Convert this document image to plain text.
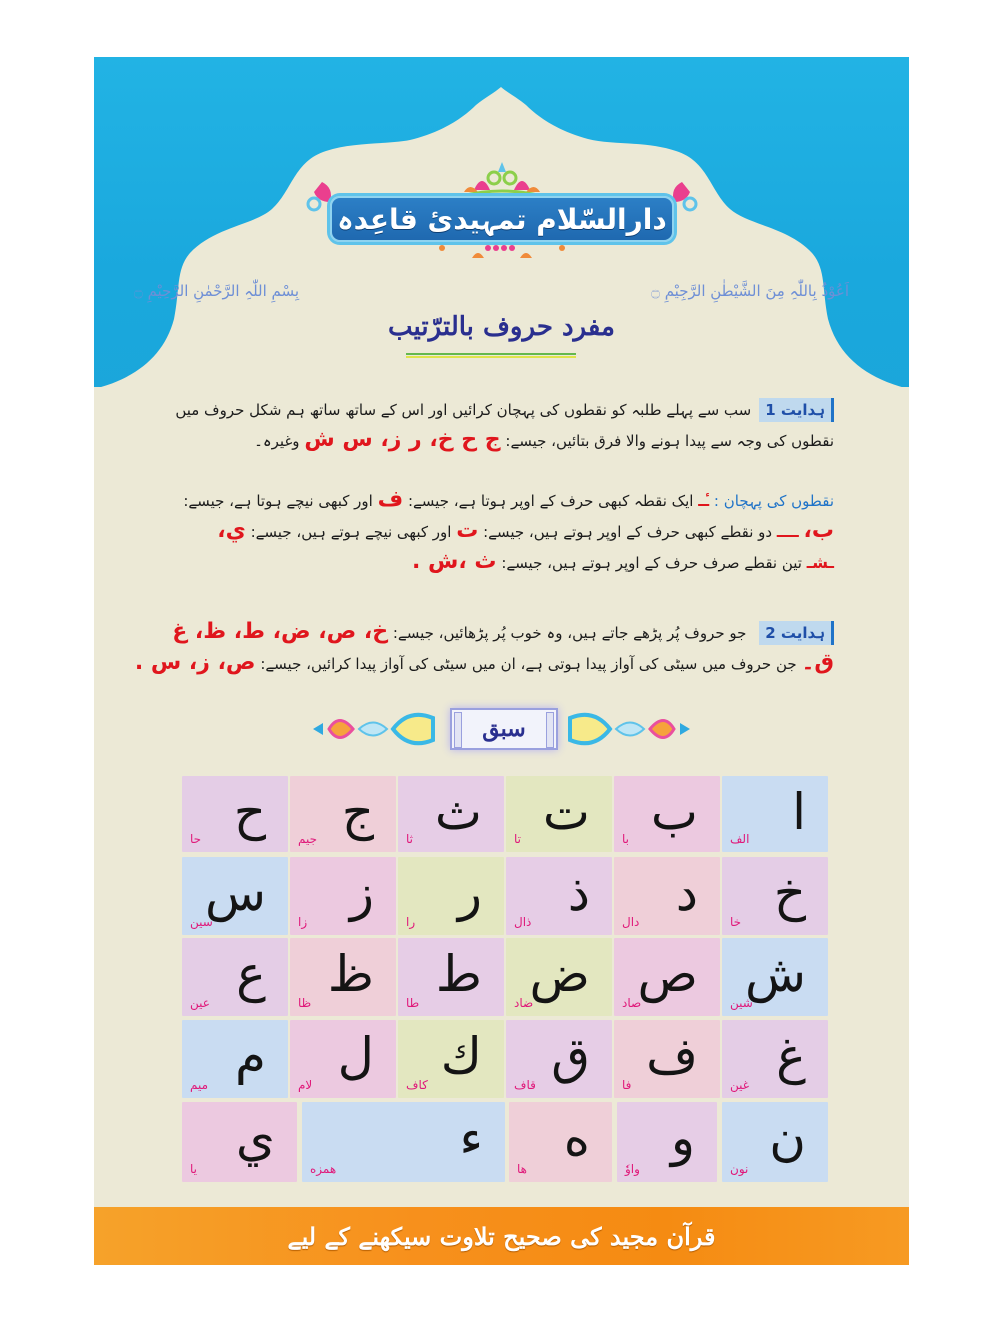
دارالسّلام تمہیدیٔ قاعِدہ
اَعُوْذُ بِاللّٰہِ مِنَ الشَّیْطٰنِ الرَّجِیْمِ ۝
بِسْمِ اللّٰہِ الرَّحْمٰنِ الرَّحِیْمِ ۝
مفرد حروف بالترّتیب
ہدایت 1سب سے پہلے طلبہ کو نقطوں کی پہچان کرائیں اور اس کے ساتھ ساتھ ہم شکل حروف میں
نقطوں کی وجہ سے پیدا ہونے والا فرق بتائیں، جیسے: ج ح خ، ر ز، س ش وغیرہ۔
نقطوں کی پہچان : ـٔـ ایک نقطہ کبھی حرف کے اوپر ہوتا ہے، جیسے: ف اور کبھی نیچے ہوتا ہے، جیسے:
ب، ــــ دو نقطے کبھی حرف کے اوپر ہوتے ہیں، جیسے: ت اور کبھی نیچے ہوتے ہیں، جیسے: ي،
ـشـ تین نقطے صرف حرف کے اوپر ہوتے ہیں، جیسے: ث ،ش .
ہدایت 2 جو حروف پُر پڑھے جاتے ہیں، وہ خوب پُر پڑھائیں، جیسے: خ، ص، ض، ط، ظ، غ
ق۔ جن حروف میں سیٹی کی آواز پیدا ہوتی ہے، ان میں سیٹی کی آواز پیدا کرائیں، جیسے: ص، ز، س .
سبق
ا
الف
ب
با
ت
تا
ث
ثا
ج
جیم
ح
حا
خ
خا
د
دال
ذ
ذال
ر
را
ز
زا
س
سین
ش
شین
ص
صاد
ض
ضاد
ط
طا
ظ
ظا
ع
عین
غ
غین
ف
فا
ق
قاف
ك
كاف
ل
لام
م
میم
ن
نون
و
واوٗ
ه
ها
ء
همزه
ي
يا
قرآن مجید کی صحیح تلاوت سیکھنے کے لیے
